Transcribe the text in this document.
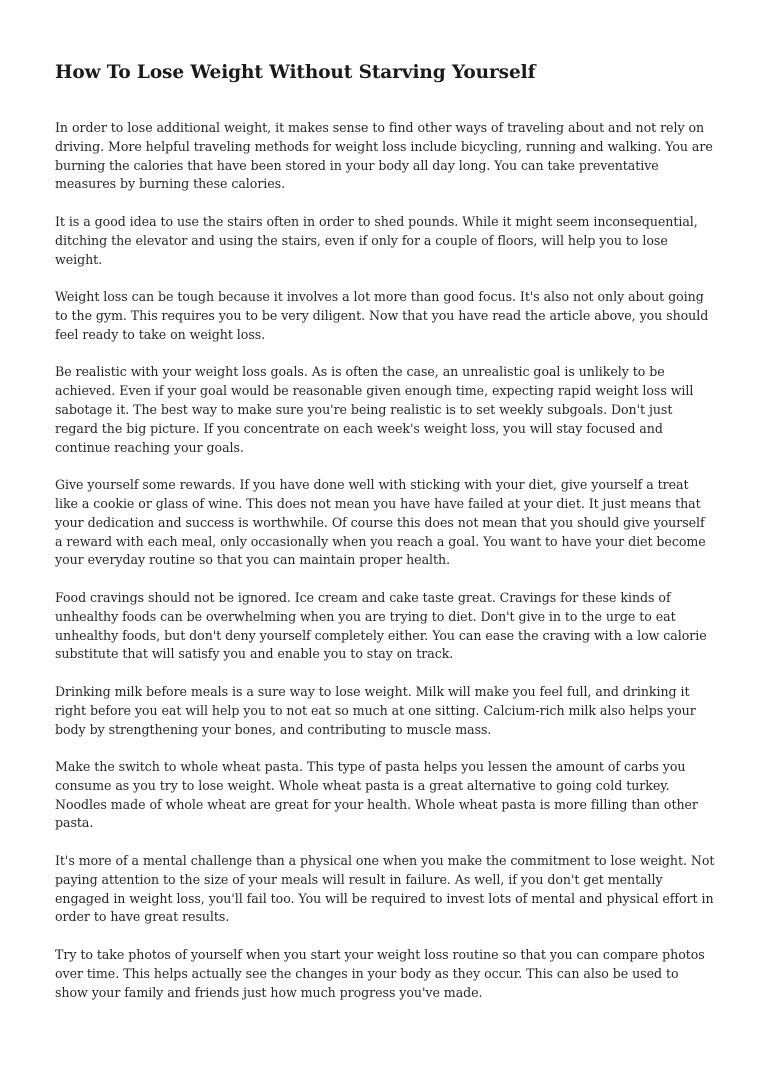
How To Lose Weight Without Starving Yourself

In order to lose additional weight, it makes sense to find other ways of traveling about and not rely on driving. More helpful traveling methods for weight loss include bicycling, running and walking. You are burning the calories that have been stored in your body all day long. You can take preventative measures by burning these calories.

It is a good idea to use the stairs often in order to shed pounds. While it might seem inconsequential, ditching the elevator and using the stairs, even if only for a couple of floors, will help you to lose weight.

Weight loss can be tough because it involves a lot more than good focus. It's also not only about going to the gym. This requires you to be very diligent. Now that you have read the article above, you should feel ready to take on weight loss.

Be realistic with your weight loss goals. As is often the case, an unrealistic goal is unlikely to be achieved. Even if your goal would be reasonable given enough time, expecting rapid weight loss will sabotage it. The best way to make sure you're being realistic is to set weekly subgoals. Don't just regard the big picture. If you concentrate on each week's weight loss, you will stay focused and continue reaching your goals.

Give yourself some rewards. If you have done well with sticking with your diet, give yourself a treat like a cookie or glass of wine. This does not mean you have have failed at your diet. It just means that your dedication and success is worthwhile. Of course this does not mean that you should give yourself a reward with each meal, only occasionally when you reach a goal. You want to have your diet become your everyday routine so that you can maintain proper health.

Food cravings should not be ignored. Ice cream and cake taste great. Cravings for these kinds of unhealthy foods can be overwhelming when you are trying to diet. Don't give in to the urge to eat unhealthy foods, but don't deny yourself completely either. You can ease the craving with a low calorie substitute that will satisfy you and enable you to stay on track.

Drinking milk before meals is a sure way to lose weight. Milk will make you feel full, and drinking it right before you eat will help you to not eat so much at one sitting. Calcium-rich milk also helps your body by strengthening your bones, and contributing to muscle mass.

Make the switch to whole wheat pasta. This type of pasta helps you lessen the amount of carbs you consume as you try to lose weight. Whole wheat pasta is a great alternative to going cold turkey. Noodles made of whole wheat are great for your health. Whole wheat pasta is more filling than other pasta.

It's more of a mental challenge than a physical one when you make the commitment to lose weight. Not paying attention to the size of your meals will result in failure. As well, if you don't get mentally engaged in weight loss, you'll fail too. You will be required to invest lots of mental and physical effort in order to have great results.

Try to take photos of yourself when you start your weight loss routine so that you can compare photos over time. This helps actually see the changes in your body as they occur. This can also be used to show your family and friends just how much progress you've made.
